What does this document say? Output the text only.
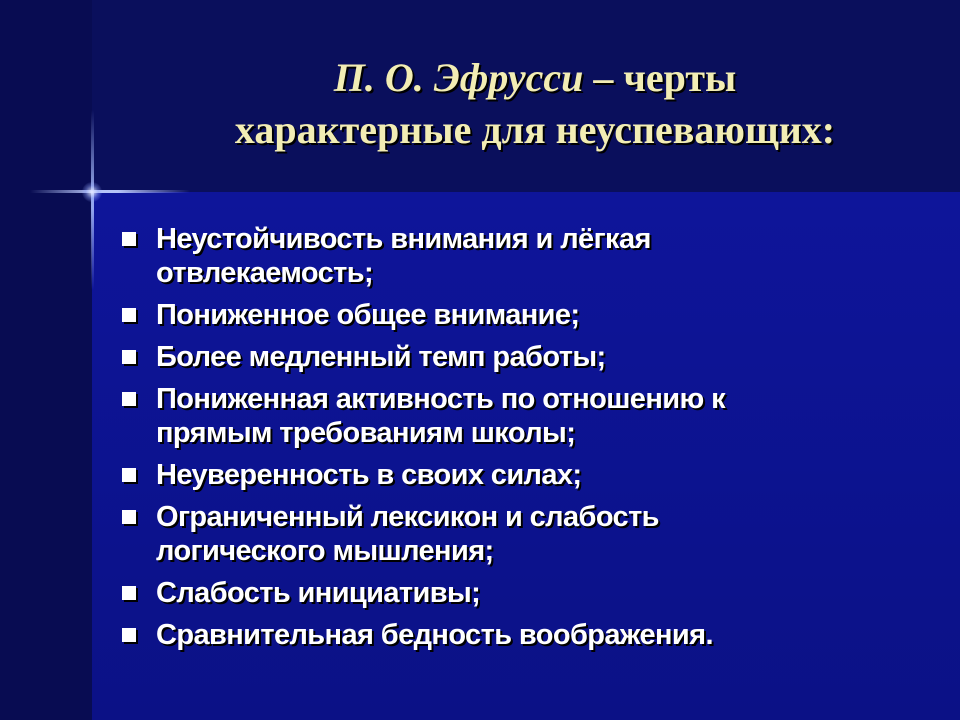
П. О. Эфрусси – черты
характерные для неуспевающих:
Неустойчивость внимания и лёгкая
отвлекаемость;
Пониженное общее внимание;
Более медленный темп работы;
Пониженная активность по отношению к
прямым требованиям школы;
Неуверенность в своих силах;
Ограниченный лексикон и слабость
логического мышления;
Слабость инициативы;
Сравнительная бедность воображения.
